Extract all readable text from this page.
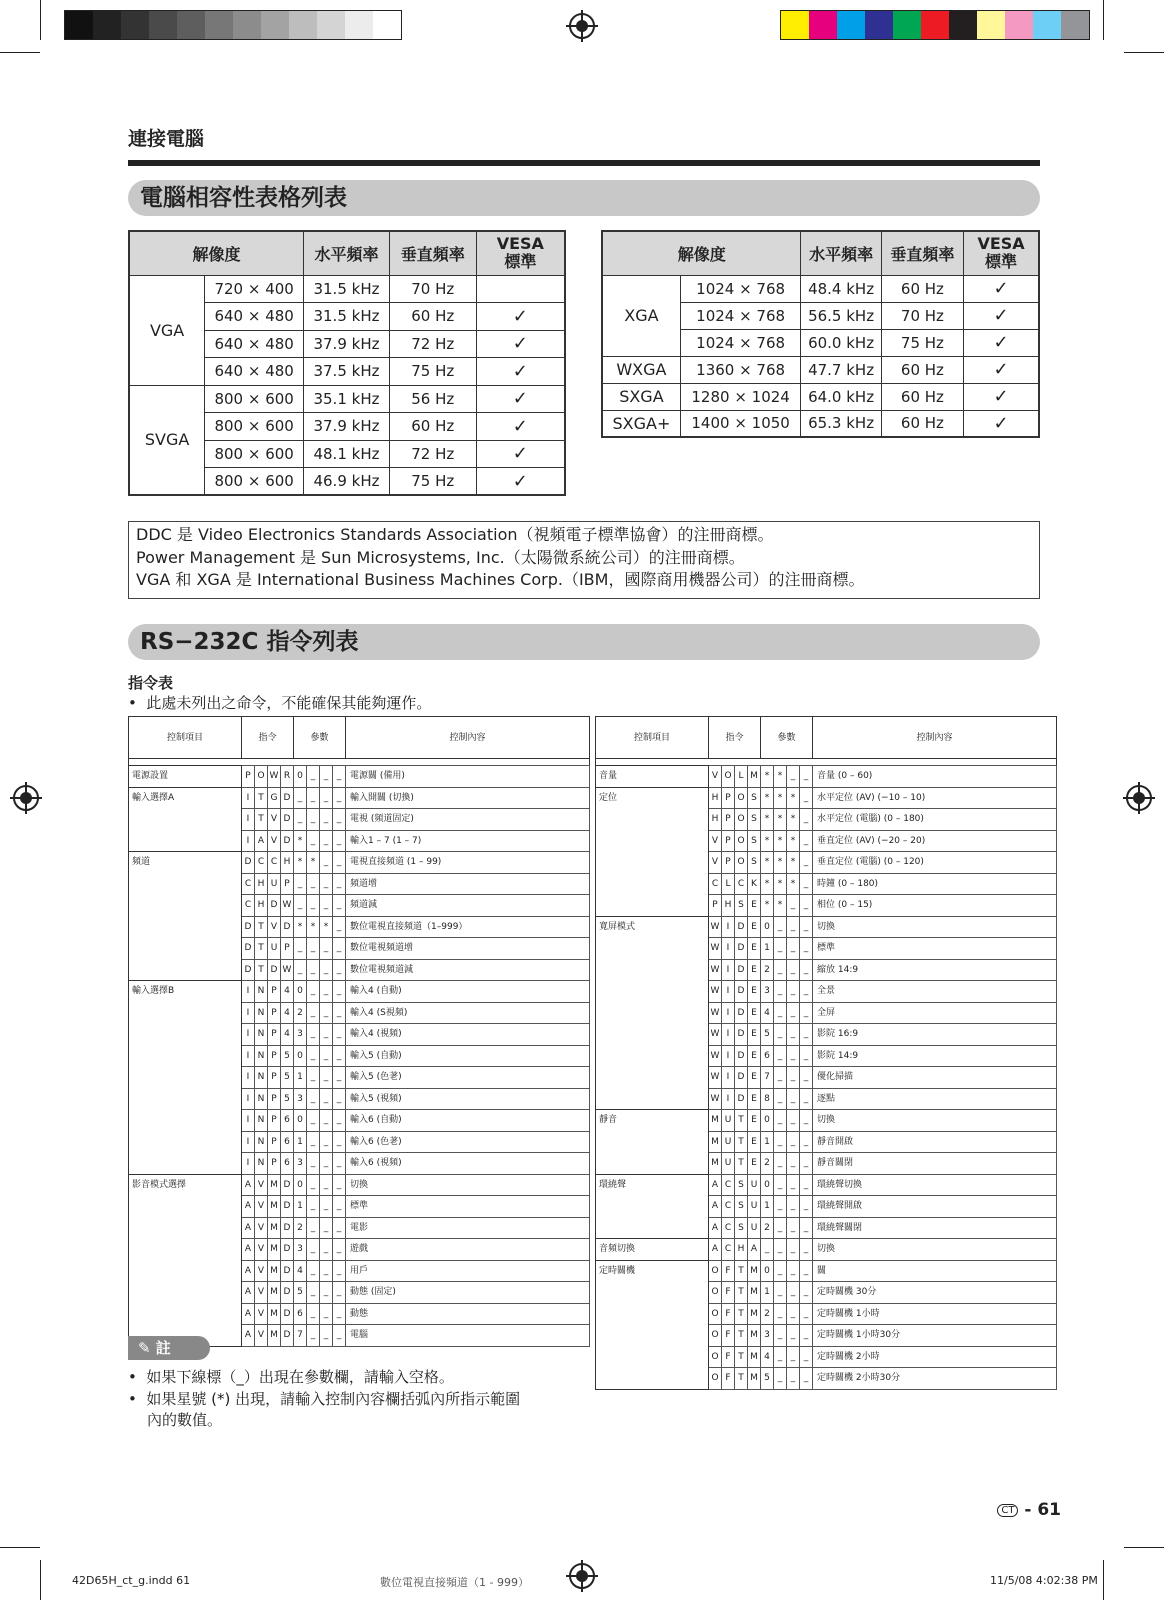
連接電腦
電腦相容性表格列表
解像度		水平頻率	垂直頻率	VESA
標準

VGA	720 × 400	31.5 kHz	70 Hz	
	640 × 480	31.5 kHz	60 Hz	✓
	640 × 480	37.9 kHz	72 Hz	✓
	640 × 480	37.5 kHz	75 Hz	✓
SVGA	800 × 600	35.1 kHz	56 Hz	✓
	800 × 600	37.9 kHz	60 Hz	✓
	800 × 600	48.1 kHz	72 Hz	✓
	800 × 600	46.9 kHz	75 Hz	✓
解像度		水平頻率	垂直頻率	VESA
標準

XGA	1024 × 768	48.4 kHz	60 Hz	✓
	1024 × 768	56.5 kHz	70 Hz	✓
	1024 × 768	60.0 kHz	75 Hz	✓
WXGA	1360 × 768	47.7 kHz	60 Hz	✓
SXGA	1280 × 1024	64.0 kHz	60 Hz	✓
SXGA+	1400 × 1050	65.3 kHz	60 Hz	✓
DDC 是 Video Electronics Standards Association（視頻電子標準協會）的注冊商標。
Power Management 是 Sun Microsystems, Inc.（太陽微系統公司）的注冊商標。
VGA 和 XGA 是 International Business Machines Corp.（IBM，國際商用機器公司）的注冊商標。
RS−232C 指令列表
指令表
•  此處未列出之命令，不能確保其能夠運作。
控制項目	指令				參數				控制內容

電源設置	P	O	W	R	0	_	_	_	電源關 (備用)
輸入選擇A	I	T	G	D	_	_	_	_	輸入開關 (切換)
	I	T	V	D	_	_	_	_	電視 (頻道固定)
	I	A	V	D	*	_	_	_	輸入1 – 7 (1 – 7)
頻道	D	C	C	H	*	*	_	_	電視直接頻道 (1 – 99)
	C	H	U	P	_	_	_	_	頻道增
	C	H	D	W	_	_	_	_	頻道減
	D	T	V	D	*	*	*	_	數位電視直接頻道（1–999）
	D	T	U	P	_	_	_	_	數位電視頻道增
	D	T	D	W	_	_	_	_	數位電視頻道減
輸入選擇B	I	N	P	4	0	_	_	_	輸入4 (自動)
	I	N	P	4	2	_	_	_	輸入4 (S視頻)
	I	N	P	4	3	_	_	_	輸入4 (視頻)
	I	N	P	5	0	_	_	_	輸入5 (自動)
	I	N	P	5	1	_	_	_	輸入5 (色荖)
	I	N	P	5	3	_	_	_	輸入5 (視頻)
	I	N	P	6	0	_	_	_	輸入6 (自動)
	I	N	P	6	1	_	_	_	輸入6 (色荖)
	I	N	P	6	3	_	_	_	輸入6 (視頻)
影音模式選擇	A	V	M	D	0	_	_	_	切換
	A	V	M	D	1	_	_	_	標準
	A	V	M	D	2	_	_	_	電影
	A	V	M	D	3	_	_	_	遊戲
	A	V	M	D	4	_	_	_	用戶
	A	V	M	D	5	_	_	_	動態 (固定)
	A	V	M	D	6	_	_	_	動態
	A	V	M	D	7	_	_	_	電腦
控制項目	指令				參數				控制內容

音量	V	O	L	M	*	*	_	_	音量 (0 – 60)
定位	H	P	O	S	*	*	*	_	水平定位 (AV) (−10 – 10)
	H	P	O	S	*	*	*	_	水平定位 (電腦) (0 – 180)
	V	P	O	S	*	*	*	_	垂直定位 (AV) (−20 – 20)
	V	P	O	S	*	*	*	_	垂直定位 (電腦) (0 – 120)
	C	L	C	K	*	*	*	_	時鐘 (0 – 180)
	P	H	S	E	*	*	_	_	相位 (0 – 15)
寬屏模式	W	I	D	E	0	_	_	_	切換
	W	I	D	E	1	_	_	_	標準
	W	I	D	E	2	_	_	_	縮放 14:9
	W	I	D	E	3	_	_	_	全景
	W	I	D	E	4	_	_	_	全屏
	W	I	D	E	5	_	_	_	影院 16:9
	W	I	D	E	6	_	_	_	影院 14:9
	W	I	D	E	7	_	_	_	優化掃描
	W	I	D	E	8	_	_	_	逐點
靜音	M	U	T	E	0	_	_	_	切換
	M	U	T	E	1	_	_	_	靜音開啟
	M	U	T	E	2	_	_	_	靜音關閉
環繞聲	A	C	S	U	0	_	_	_	環繞聲切換
	A	C	S	U	1	_	_	_	環繞聲開啟
	A	C	S	U	2	_	_	_	環繞聲關閉
音頻切換	A	C	H	A	_	_	_	_	切換
定時關機	O	F	T	M	0	_	_	_	關
	O	F	T	M	1	_	_	_	定時關機 30分
	O	F	T	M	2	_	_	_	定時關機 1小時
	O	F	T	M	3	_	_	_	定時關機 1小時30分
	O	F	T	M	4	_	_	_	定時關機 2小時
	O	F	T	M	5	_	_	_	定時關機 2小時30分
✎ 註
•  如果下線標（_）出現在參數欄，請輸入空格。
•  如果星號 (*) 出現，請輸入控制內容欄括弧內所指示範圍
內的數值。
CT - 61
42D65H_ct_g.indd 61	數位電視直接頻道（1 - 999）	11/5/08 4:02:38 PM
